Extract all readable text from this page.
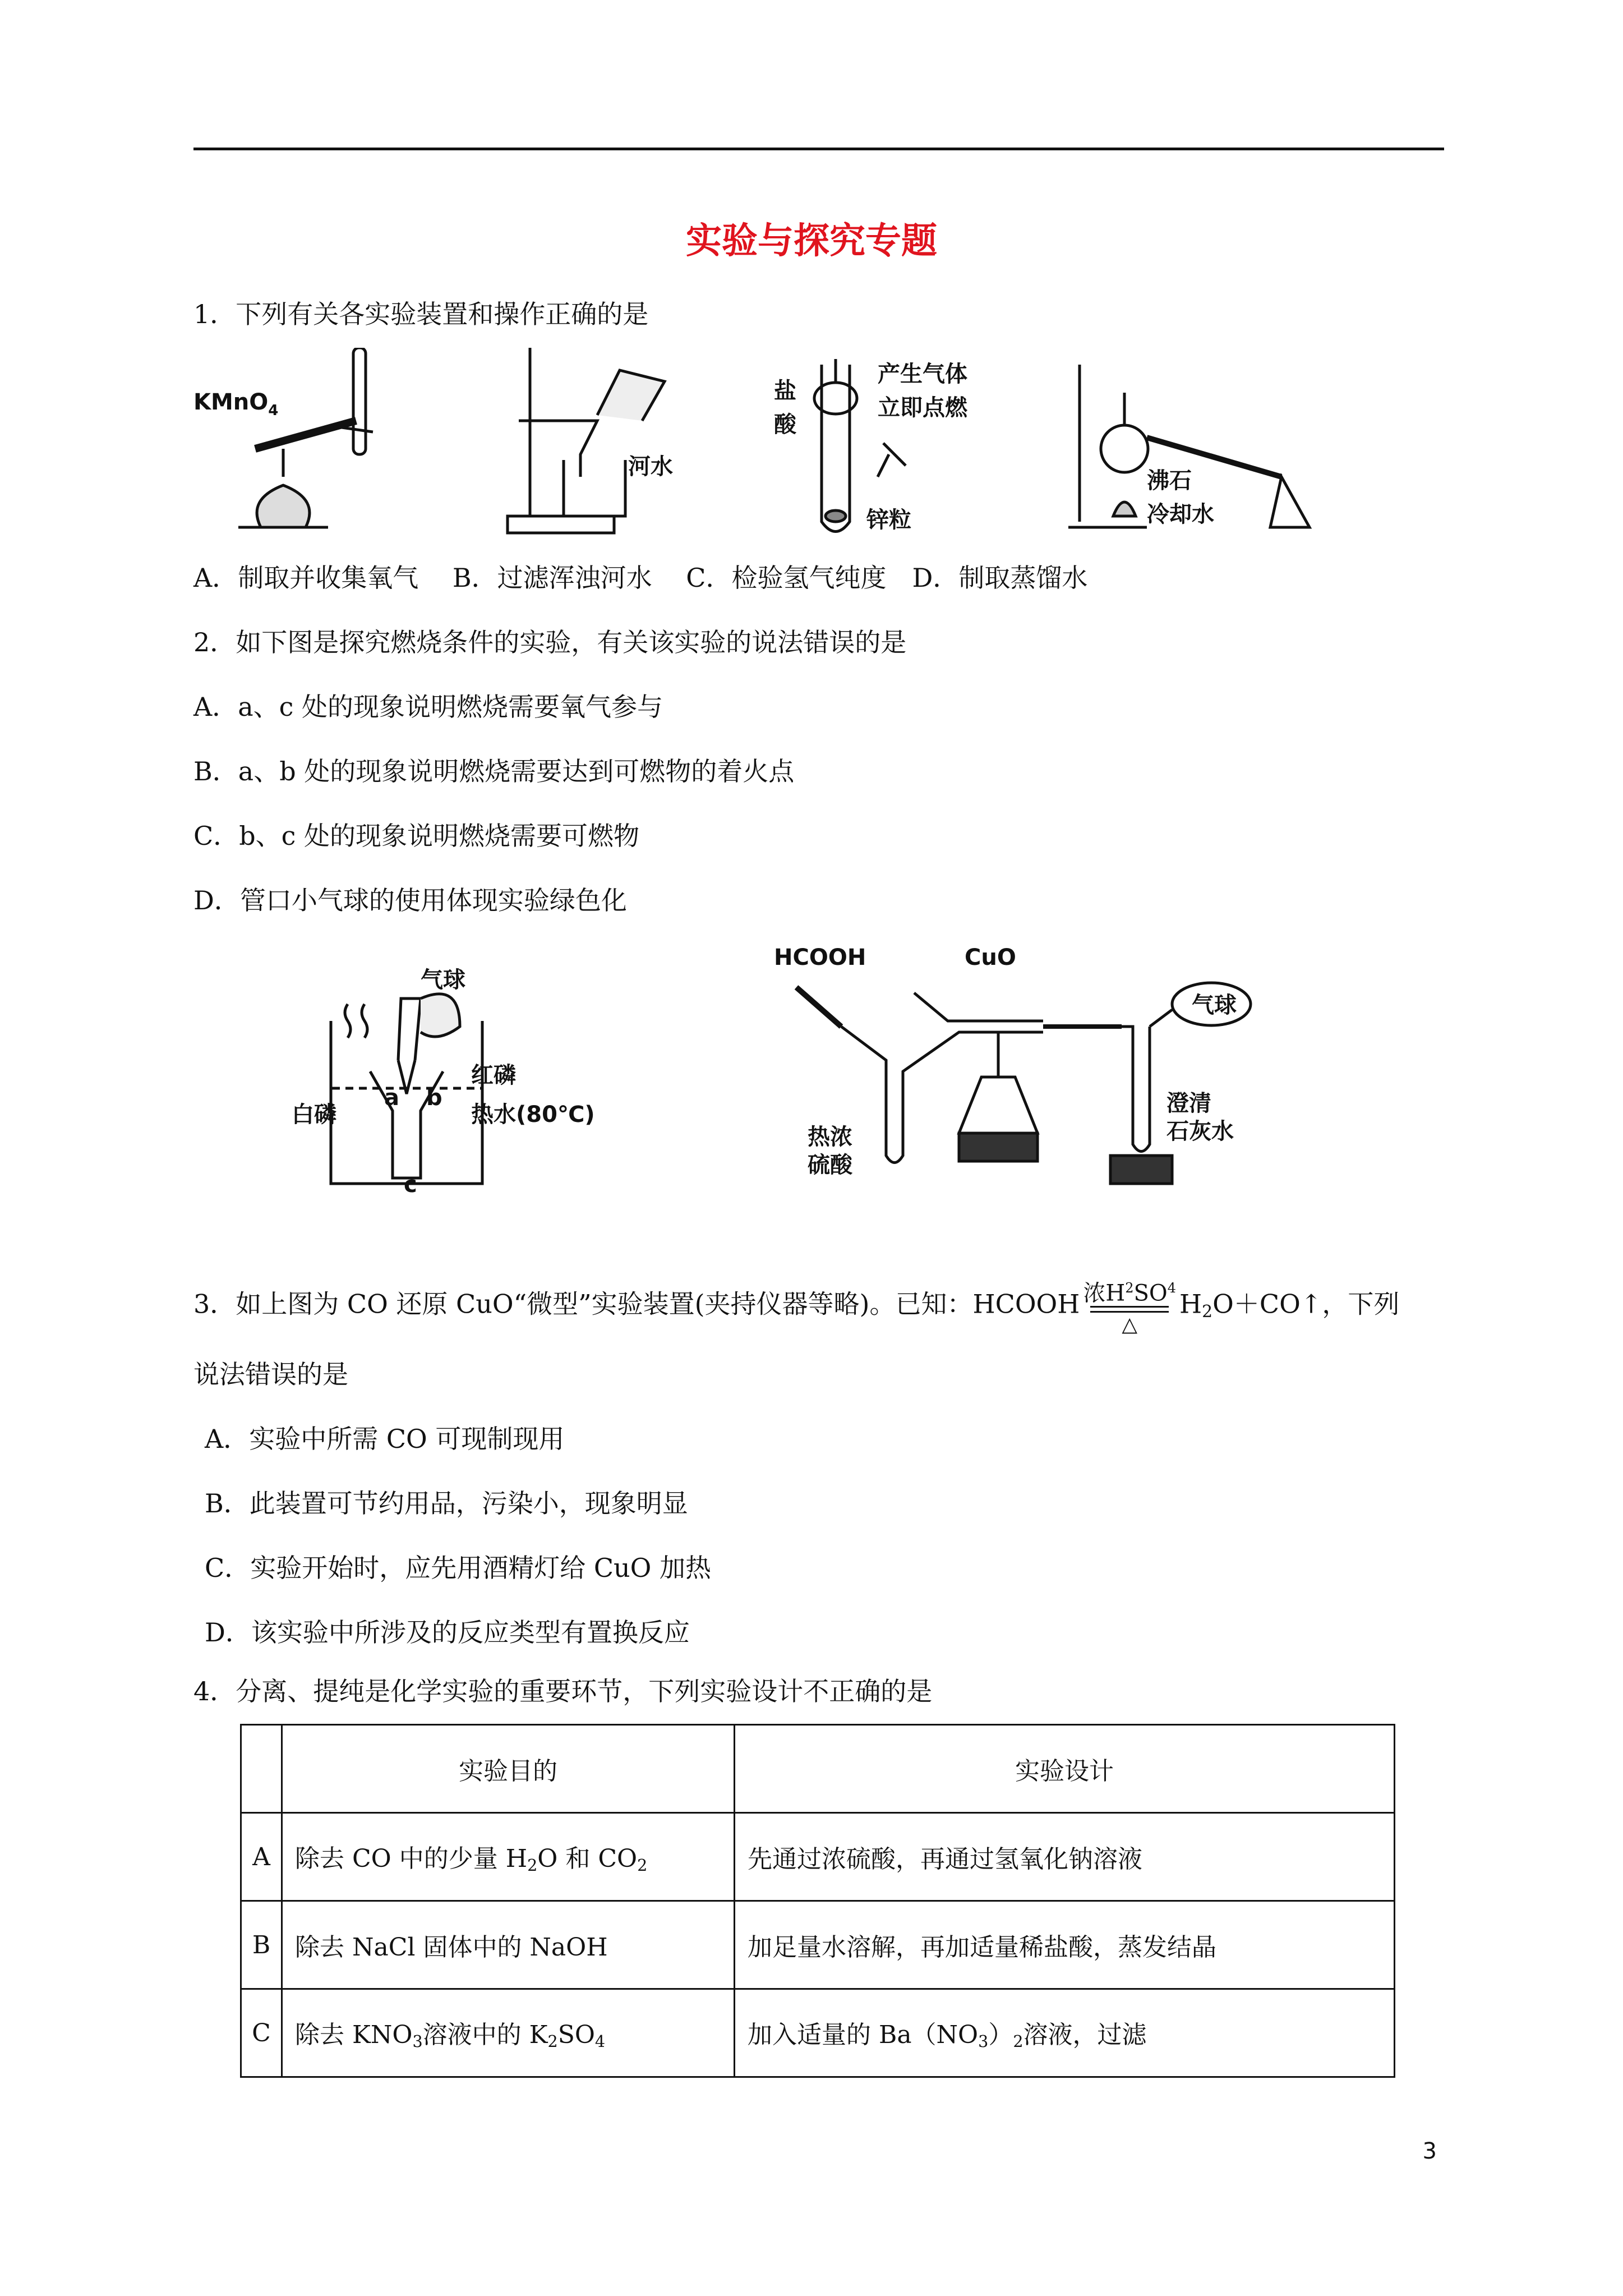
实验与探究专题
1．下列有关各实验装置和操作正确的是
KMnO$_4$
河水
盐
酸
产生气体
立即点燃
锌粒
沸石
冷却水
A．制取并收集氧气　 B．过滤浑浊河水　 C．检验氢气纯度　D．制取蒸馏水
2．如下图是探究燃烧条件的实验，有关该实验的说法错误的是
A．a、c 处的现象说明燃烧需要氧气参与
B．a、b 处的现象说明燃烧需要达到可燃物的着火点
C．b、c 处的现象说明燃烧需要可燃物
D．管口小气球的使用体现实验绿色化
a b
c
气球
红磷
白磷	热水(80℃)
HCOOH	CuO
气球
澄清
石灰水
热浓
硫酸
3．如上图为 CO 还原 CuO“微型”实验装置(夹持仪器等略)。已知：HCOOH 浓$H^2SO^4$
△
H2O＋CO↑，下列
说法错误的是
A．实验中所需 CO 可现制现用
B．此装置可节约用品，污染小，现象明显
C．实验开始时，应先用酒精灯给 CuO 加热
D．该实验中所涉及的反应类型有置换反应
4．分离、提纯是化学实验的重要环节，下列实验设计不正确的是
	实验目的	实验设计
A	除去 CO 中的少量 H2O 和 CO2	先通过浓硫酸，再通过氢氧化钠溶液
B	除去 NaCl 固体中的 NaOH	加足量水溶解，再加适量稀盐酸，蒸发结晶
C	除去 KNO3溶液中的 K2SO4	加入适量的 Ba（NO3）2溶液，过滤
3
